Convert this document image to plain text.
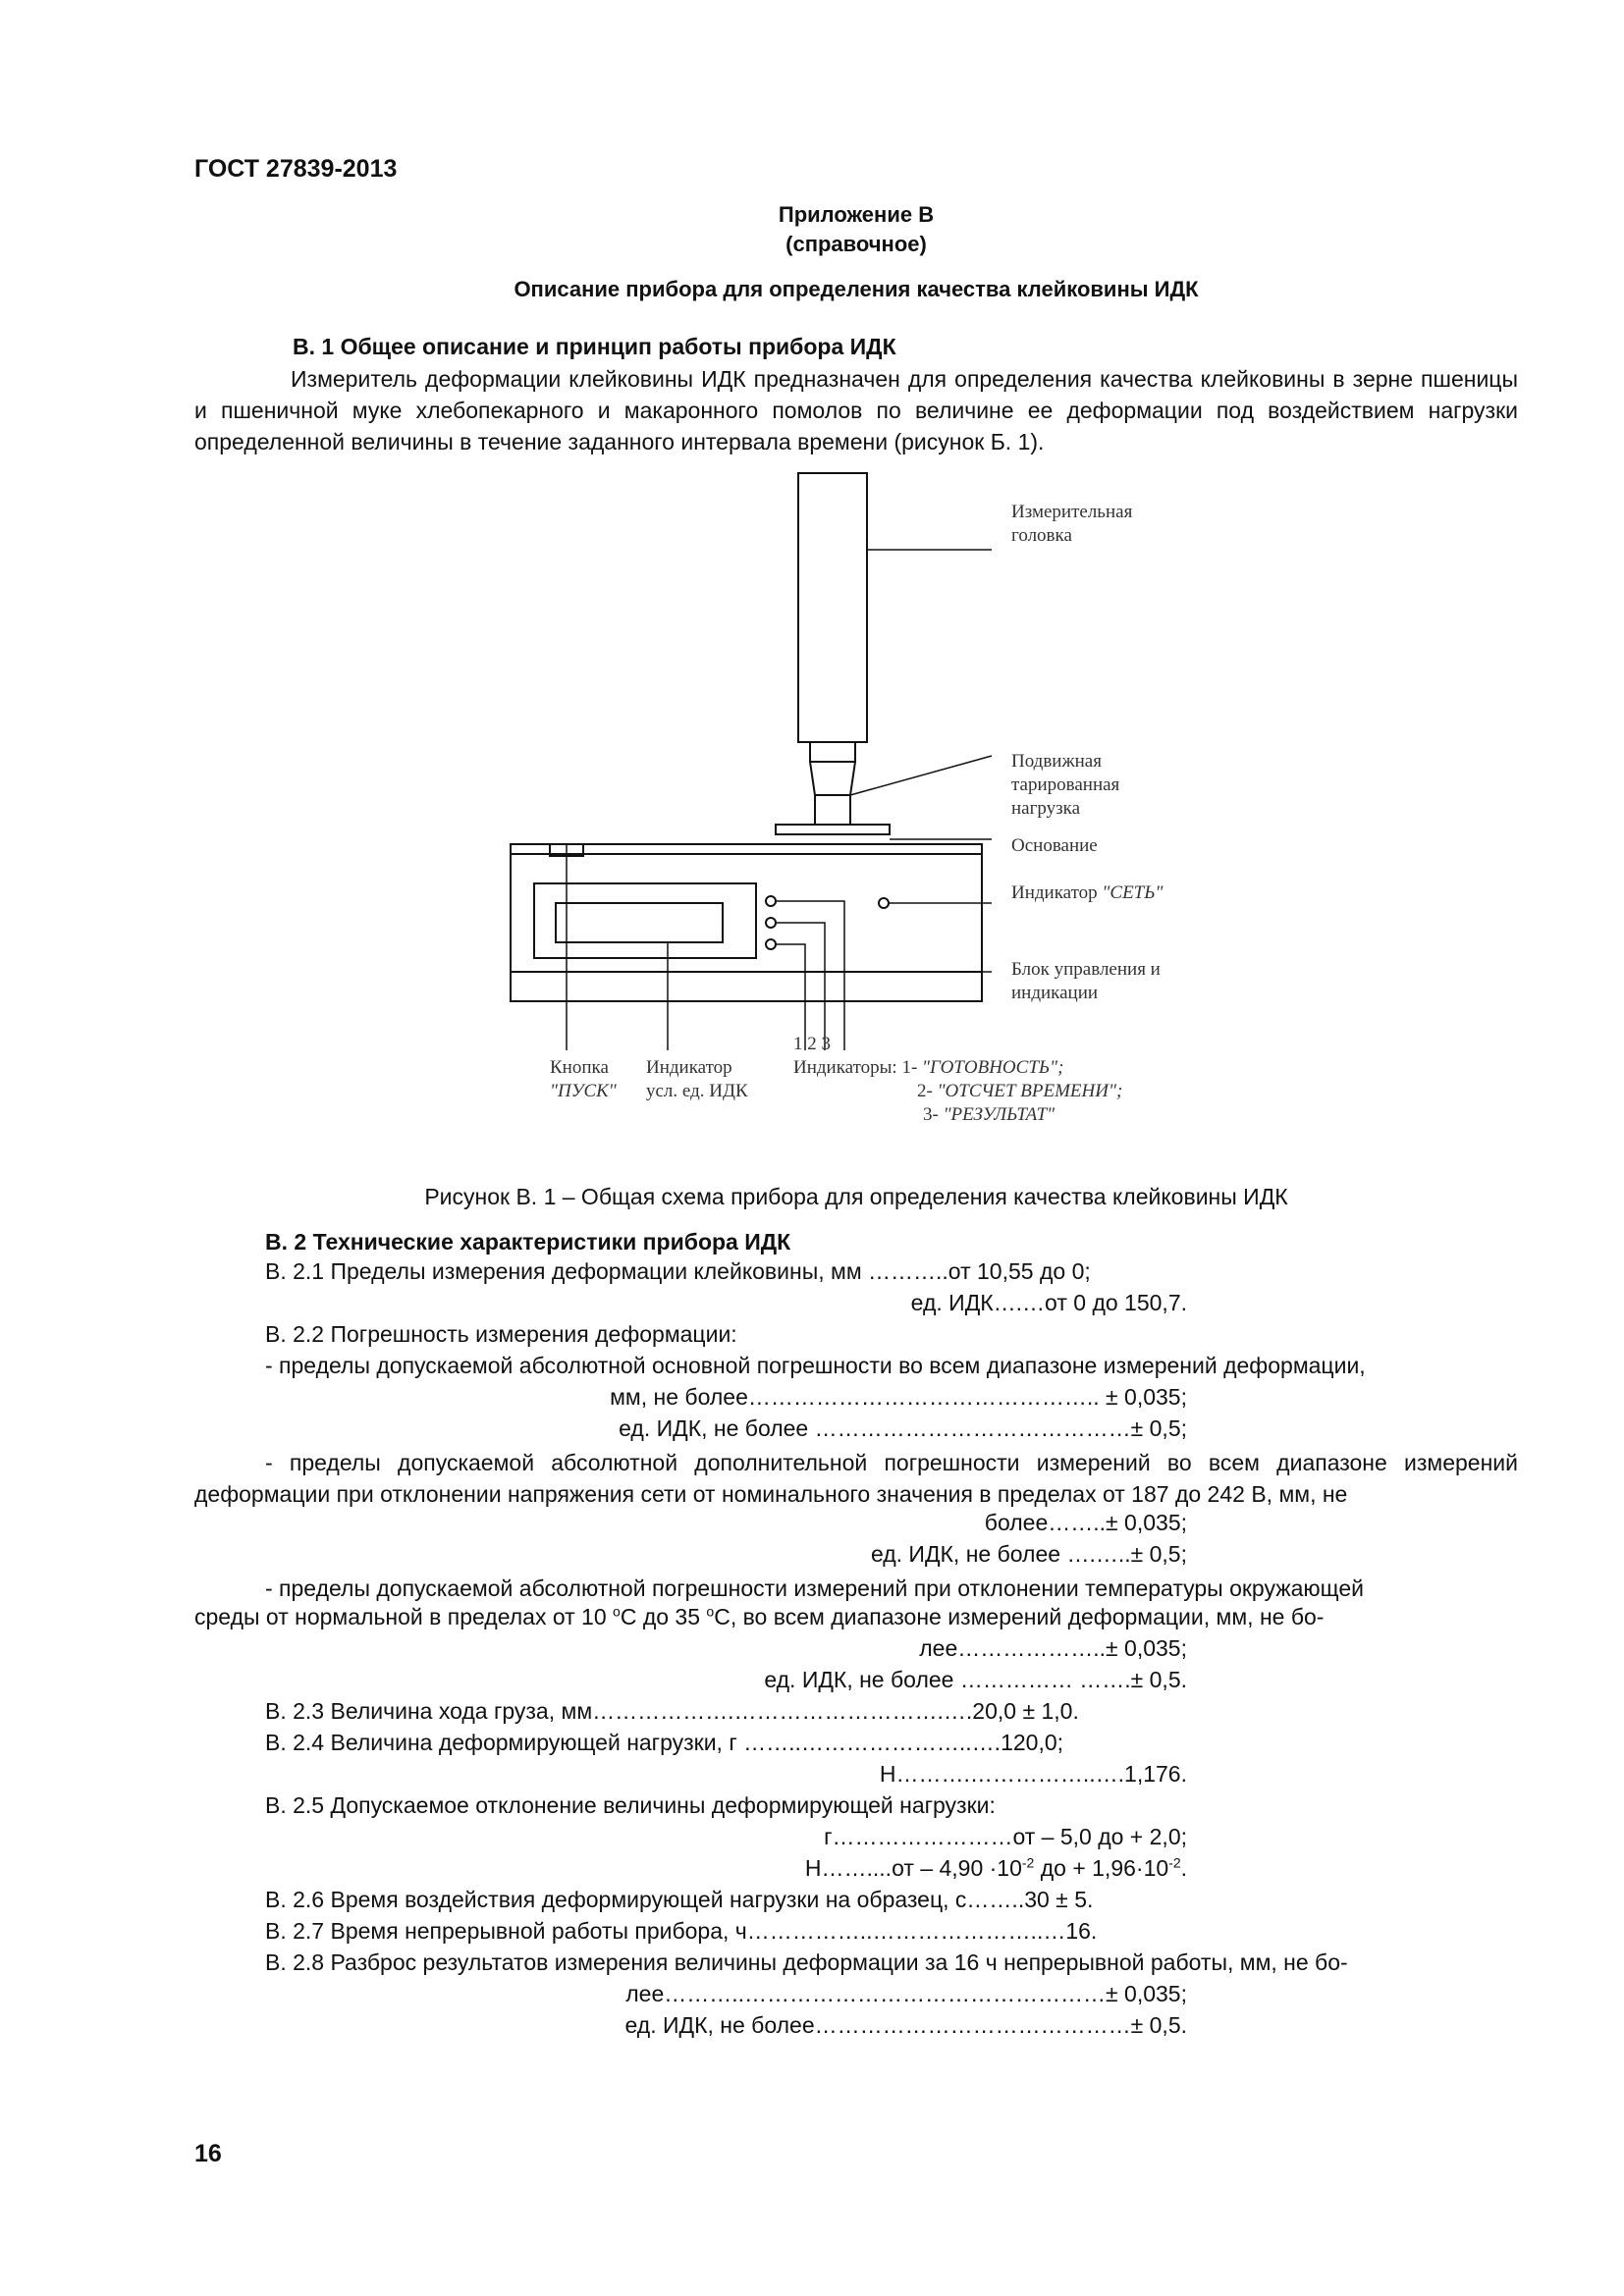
ГОСТ 27839-2013
Приложение В
(справочное)
Описание прибора для определения качества клейковины ИДК
В. 1 Общее описание и принцип работы прибора ИДК
Измеритель деформации клейковины ИДК предназначен для определения качества клейковины в зерне пшеницы и пшеничной муке хлебопекарного и макаронного помолов по величине ее деформации под воздействием нагрузки определенной величины в течение заданного интервала времени (рисунок Б. 1).
Измерительная
головка
Подвижная
тарированная
нагрузка
Основание
Индикатор "СЕТЬ"
Блок управления и
индикации
1 2 3
Кнопка
"ПУСК"
Индикатор
усл. ед. ИДК
Индикаторы: 1- "ГОТОВНОСТЬ";
2- "ОТСЧЕТ ВРЕМЕНИ";
3- "РЕЗУЛЬТАТ"
Рисунок В. 1 – Общая схема прибора для определения качества клейковины ИДК
В. 2 Технические характеристики прибора ИДК
В. 2.1 Пределы измерения деформации клейковины, мм ………..от 10,55 до 0;
ед. ИДК….…от 0 до 150,7.
В. 2.2 Погрешность измерения деформации:
- пределы допускаемой абсолютной основной погрешности во всем диапазоне измерений деформации,
мм, не более……………………………………….. ± 0,035;
ед. ИДК, не более ……………………………………± 0,5;
- пределы допускаемой абсолютной дополнительной погрешности измерений во всем диапазоне измерений деформации при отклонении напряжения сети от номинального значения в пределах от 187 до 242 В, мм, не
более……..± 0,035;
ед. ИДК, не более ….…..± 0,5;
- пределы допускаемой абсолютной погрешности измерений при отклонении температуры окружающей
среды от нормальной в пределах от 10 $^о$С до 35 $^о$С, во всем диапазоне измерений деформации, мм, не бо-
лее………………..± 0,035;
ед. ИДК, не более …………… …….± 0,5.
В. 2.3 Величина хода груза, мм……………….……………………….….20,0 ± 1,0.
В. 2.4 Величина деформирующей нагрузки, г ……..…………………..….120,0;
Н……….……………..….1,176.
В. 2.5 Допускаемое отклонение величины деформирующей нагрузки:
г……………………от – 5,0 до + 2,0;
Н……....от – $4,90 \cdot 10^{-2}$ до + $1,96\cdot 10^{-2}$.
В. 2.6 Время воздействия деформирующей нагрузки на образец, с……..30 ± 5.
В. 2.7 Время непрерывной работы прибора, ч……………..…………………..…16.
В. 2.8 Разброс результатов измерения величины деформации за 16 ч непрерывной работы, мм, не бо-
лее………..…………………………………………± 0,035;
ед. ИДК, не более……………………………………± 0,5.
16
